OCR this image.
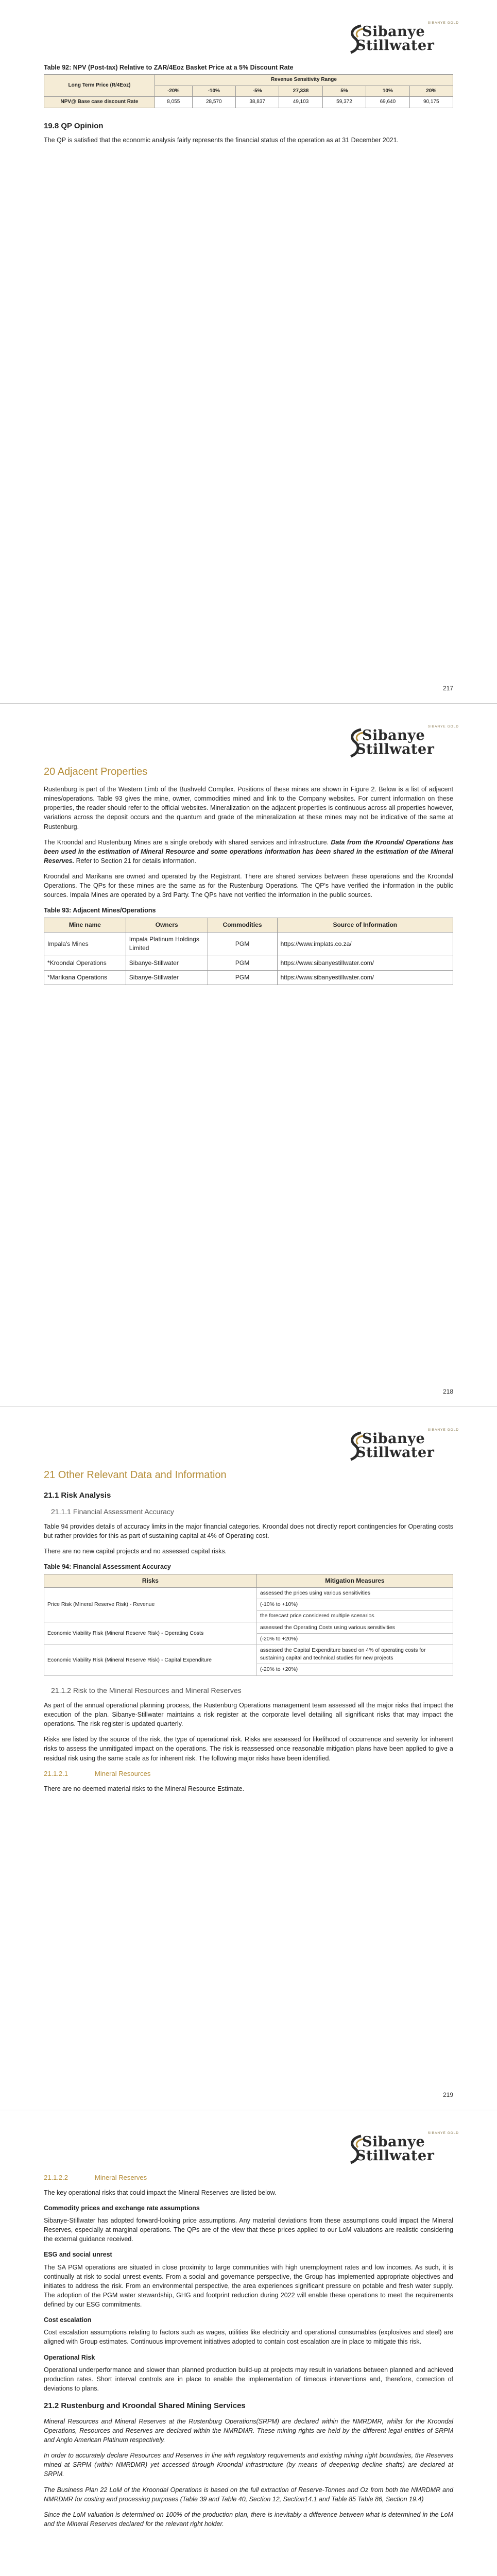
SIBANYE GOLD
Sibanye
Stillwater
Table 92: NPV (Post-tax) Relative to ZAR/4Eoz Basket Price at a 5% Discount Rate
Long Term Price (R/4Eoz)	Revenue Sensitivity Range						
	-20%	-10%	-5%	27,338	5%	10%	20%
NPV@ Base case discount Rate	8,055	28,570	38,837	49,103	59,372	69,640	90,175
19.8 QP Opinion

The QP is satisfied that the economic analysis fairly represents the financial status of the operation as at 31 December 2021.

217
SIBANYE GOLD
Sibanye
Stillwater
20 Adjacent Properties

Rustenburg is part of the Western Limb of the Bushveld Complex. Positions of these mines are shown in Figure 2. Below is a list of adjacent mines/operations. Table 93 gives the mine, owner, commodities mined and link to the Company websites. For current information on these properties, the reader should refer to the official websites. Mineralization on the adjacent properties is continuous across all properties however, variations across the deposit occurs and the quantum and grade of the mineralization at these mines may not be indicative of the same at Rustenburg.

The Kroondal and Rustenburg Mines are a single orebody with shared services and infrastructure. Data from the Kroondal Operations has been used in the estimation of Mineral Resource and some operations information has been shared in the estimation of the Mineral Reserves. Refer to Section 21 for details information.

Kroondal and Marikana are owned and operated by the Registrant. There are shared services between these operations and the Kroondal Operations. The QPs for these mines are the same as for the Rustenburg Operations. The QP's have verified the information in the public sources. Impala Mines are operated by a 3rd Party. The QPs have not verified the information in the public sources.

Table 93: Adjacent Mines/Operations
Mine name	Owners	Commodities	Source of Information
Impala's Mines	Impala Platinum Holdings Limited	PGM	https://www.implats.co.za/
*Kroondal Operations	Sibanye-Stillwater	PGM	https://www.sibanyestillwater.com/
*Marikana Operations	Sibanye-Stillwater	PGM	https://www.sibanyestillwater.com/
218
SIBANYE GOLD
Sibanye
Stillwater
21 Other Relevant Data and Information
21.1 Risk Analysis
21.1.1 Financial Assessment Accuracy

Table 94 provides details of accuracy limits in the major financial categories. Kroondal does not directly report contingencies for Operating costs but rather provides for this as part of sustaining capital at 4% of Operating cost.

There are no new capital projects and no assessed capital risks.

Table 94: Financial Assessment Accuracy
Risks	Mitigation Measures
Price Risk (Mineral Reserve Risk) - Revenue	assessed the prices using various sensitivities
	(-10% to +10%)
	the forecast price considered multiple scenarios
Economic Viability Risk (Mineral Reserve Risk) - Operating Costs	assessed the Operating Costs using various sensitivities
	(-20% to +20%)
Economic Viability Risk (Mineral Reserve Risk) - Capital Expenditure	assessed the Capital Expenditure based on 4% of operating costs for sustaining capital and technical studies for new projects
	(-20% to +20%)
21.1.2 Risk to the Mineral Resources and Mineral Reserves

As part of the annual operational planning process, the Rustenburg Operations management team assessed all the major risks that impact the execution of the plan. Sibanye-Stillwater maintains a risk register at the corporate level detailing all significant risks that may impact the operations. The risk register is updated quarterly.

Risks are listed by the source of the risk, the type of operational risk. Risks are assessed for likelihood of occurrence and severity for inherent risks to assess the unmitigated impact on the operations. The risk is reassessed once reasonable mitigation plans have been applied to give a residual risk using the same scale as for inherent risk. The following major risks have been identified.

21.1.2.1	Mineral Resources

There are no deemed material risks to the Mineral Resource Estimate.

219
SIBANYE GOLD
Sibanye
Stillwater
21.1.2.2	Mineral Reserves

The key operational risks that could impact the Mineral Reserves are listed below.

Commodity prices and exchange rate assumptions

Sibanye-Stillwater has adopted forward-looking price assumptions. Any material deviations from these assumptions could impact the Mineral Reserves, especially at marginal operations. The QPs are of the view that these prices applied to our LoM valuations are realistic considering the external guidance received.

ESG and social unrest

The SA PGM operations are situated in close proximity to large communities with high unemployment rates and low incomes. As such, it is continually at risk to social unrest events. From a social and governance perspective, the Group has implemented appropriate objectives and initiates to address the risk. From an environmental perspective, the area experiences significant pressure on potable and fresh water supply. The adoption of the PGM water stewardship, GHG and footprint reduction during 2022 will enable these operations to meet the requirements defined by our ESG commitments.

Cost escalation

Cost escalation assumptions relating to factors such as wages, utilities like electricity and operational consumables (explosives and steel) are aligned with Group estimates. Continuous improvement initiatives adopted to contain cost escalation are in place to mitigate this risk.

Operational Risk

Operational underperformance and slower than planned production build-up at projects may result in variations between planned and achieved production rates. Short interval controls are in place to enable the implementation of timeous interventions and, therefore, correction of deviations to plans.

21.2 Rustenburg and Kroondal Shared Mining Services

Mineral Resources and Mineral Reserves at the Rustenburg Operations(SRPM) are declared within the NMRDMR, whilst for the Kroondal Operations, Resources and Reserves are declared within the NMRDMR. These mining rights are held by the different legal entities of SRPM and Anglo American Platinum respectively.

In order to accurately declare Resources and Reserves in line with regulatory requirements and existing mining right boundaries, the Reserves mined at SRPM (within NMRDMR) yet accessed through Kroondal infrastructure (by means of deepening decline shafts) are declared at SRPM.

The Business Plan 22 LoM of the Kroondal Operations is based on the full extraction of Reserve-Tonnes and Oz from both the NMRDMR and NMRDMR for costing and processing purposes (Table 39 and Table 40, Section 12, Section14.1 and Table 85 Table 86, Section 19.4)

Since the LoM valuation is determined on 100% of the production plan, there is inevitably a difference between what is determined in the LoM and the Mineral Reserves declared for the relevant right holder.
